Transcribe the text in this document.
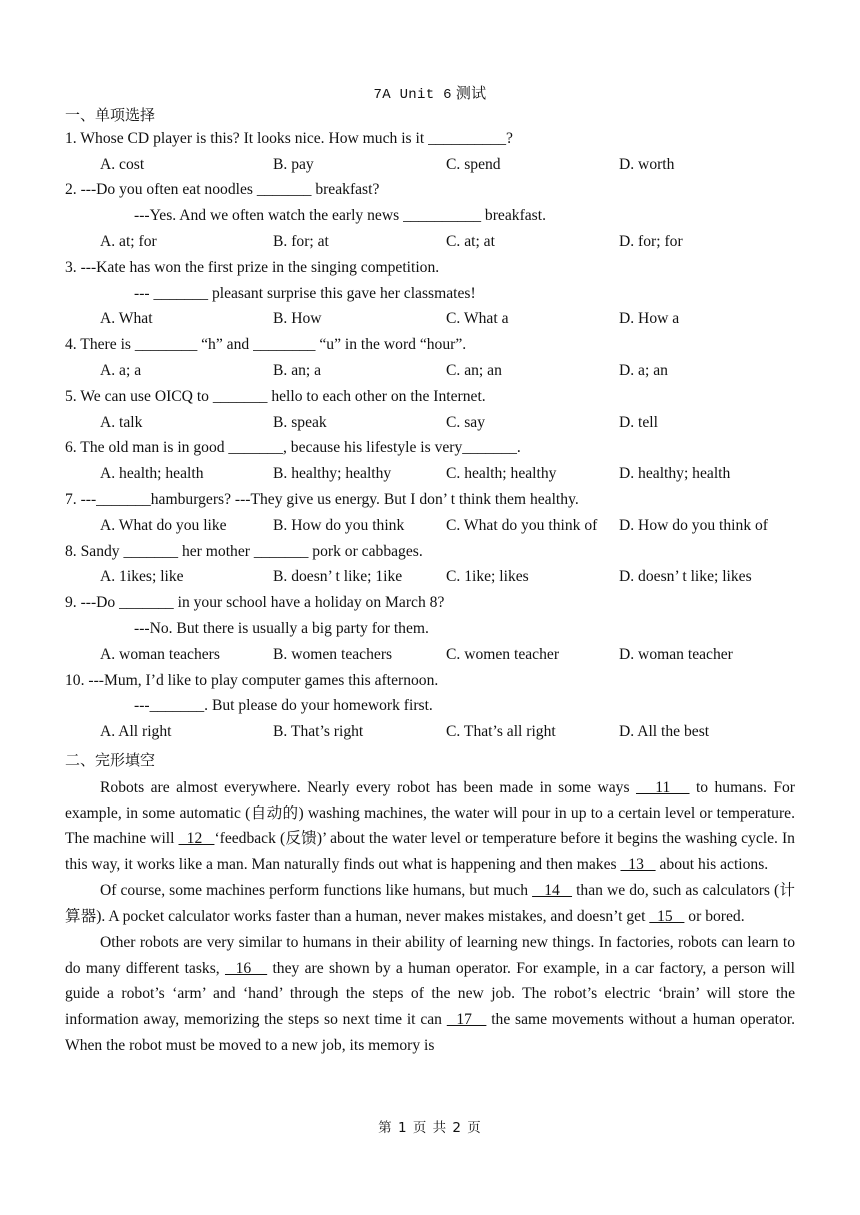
7A Unit 6 测试
一、单项选择
1. Whose CD player is this? It looks nice. How much is it __________?
A. cost	B. pay	C. spend	D. worth
2. ---Do you often eat noodles _______ breakfast?
---Yes. And we often watch the early news __________ breakfast.
A. at; for	B. for; at	C. at; at	D. for; for
3. ---Kate has won the first prize in the singing competition.
--- _______ pleasant surprise this gave her classmates!
A. What	B. How	C. What a	D. How a
4. There is ________ “h” and ________ “u” in the word “hour”.
A. a; a	B. an; a	C. an; an	D. a; an
5. We can use OICQ to _______ hello to each other on the Internet.
A. talk	B. speak	C. say	D. tell
6. The old man is in good _______, because his lifestyle is very_______.
A. health; health	B. healthy; healthy	C. health; healthy	D. healthy; health
7. ---_______hamburgers? ---They give us energy. But I don’ t think them healthy.
A. What do you like	B. How do you think	C. What do you think of D. How do you think of
8. Sandy _______ her mother _______ pork or cabbages.
A. 1ikes; like	B. doesn’ t like; 1ike	C. 1ike; likes	D. doesn’ t like; likes
9. ---Do _______ in your school have a holiday on March 8?
---No. But there is usually a big party for them.
A. woman teachers	B. women teachers	C. women teacher	D. woman teacher
10. ---Mum, I’d like to play computer games this afternoon.
---_______. But please do your homework first.
A. All right	B. That’s right	C. That’s all right	D. All the best
二、完形填空
Robots are almost everywhere. Nearly every robot has been made in some ways    11    to humans. For example, in some automatic (自动的) washing machines, the water will pour in up to a certain level or temperature. The machine will   12   ‘feedback (反馈)’ about the water level or temperature before it begins the washing cycle. In this way, it works like a man. Man naturally finds out what is happening and then makes   13    about his actions.
Of course, some machines perform functions like humans, but much    14    than we do, such as calculators (计算器). A pocket calculator works faster than a human, never makes mistakes, and doesn’t get   15    or bored.
Other robots are very similar to humans in their ability of learning new things. In factories, robots can learn to do many different tasks,   16    they are shown by a human operator. For example, in a car factory, a person will guide a robot’s ‘arm’ and ‘hand’ through the steps of the new job. The robot’s electric ‘brain’ will store the information away, memorizing the steps so next time it can   17    the same movements without a human operator. When the robot must be moved to a new job, its memory is
第 1 页 共 2 页
